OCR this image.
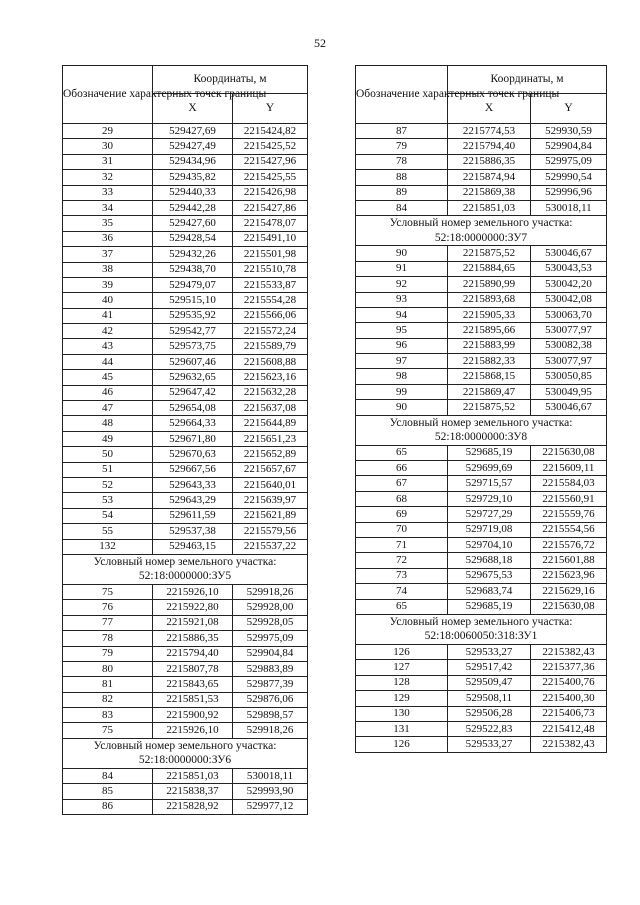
52
Обозначение характерных точек границы	Координаты, м	
	X	Y
29	529427,69	2215424,82
30	529427,49	2215425,52
31	529434,96	2215427,96
32	529435,82	2215425,55
33	529440,33	2215426,98
34	529442,28	2215427,86
35	529427,60	2215478,07
36	529428,54	2215491,10
37	529432,26	2215501,98
38	529438,70	2215510,78
39	529479,07	2215533,87
40	529515,10	2215554,28
41	529535,92	2215566,06
42	529542,77	2215572,24
43	529573,75	2215589,79
44	529607,46	2215608,88
45	529632,65	2215623,16
46	529647,42	2215632,28
47	529654,08	2215637,08
48	529664,33	2215644,89
49	529671,80	2215651,23
50	529670,63	2215652,89
51	529667,56	2215657,67
52	529643,33	2215640,01
53	529643,29	2215639,97
54	529611,59	2215621,89
55	529537,38	2215579,56
132	529463,15	2215537,22
Условный номер земельного участка: 52:18:0000000:ЗУ5		
75	2215926,10	529918,26
76	2215922,80	529928,00
77	2215921,08	529928,05
78	2215886,35	529975,09
79	2215794,40	529904,84
80	2215807,78	529883,89
81	2215843,65	529877,39
82	2215851,53	529876,06
83	2215900,92	529898,57
75	2215926,10	529918,26
Условный номер земельного участка: 52:18:0000000:ЗУ6		
84	2215851,03	530018,11
85	2215838,37	529993,90
86	2215828,92	529977,12
Обозначение характерных точек границы	Координаты, м	
	X	Y
87	2215774,53	529930,59
79	2215794,40	529904,84
78	2215886,35	529975,09
88	2215874,94	529990,54
89	2215869,38	529996,96
84	2215851,03	530018,11
Условный номер земельного участка: 52:18:0000000:ЗУ7		
90	2215875,52	530046,67
91	2215884,65	530043,53
92	2215890,99	530042,20
93	2215893,68	530042,08
94	2215905,33	530063,70
95	2215895,66	530077,97
96	2215883,99	530082,38
97	2215882,33	530077,97
98	2215868,15	530050,85
99	2215869,47	530049,95
90	2215875,52	530046,67
Условный номер земельного участка: 52:18:0000000:ЗУ8		
65	529685,19	2215630,08
66	529699,69	2215609,11
67	529715,57	2215584,03
68	529729,10	2215560,91
69	529727,29	2215559,76
70	529719,08	2215554,56
71	529704,10	2215576,72
72	529688,18	2215601,88
73	529675,53	2215623,96
74	529683,74	2215629,16
65	529685,19	2215630,08
Условный номер земельного участка: 52:18:0060050:318:ЗУ1		
126	529533,27	2215382,43
127	529517,42	2215377,36
128	529509,47	2215400,76
129	529508,11	2215400,30
130	529506,28	2215406,73
131	529522,83	2215412,48
126	529533,27	2215382,43
